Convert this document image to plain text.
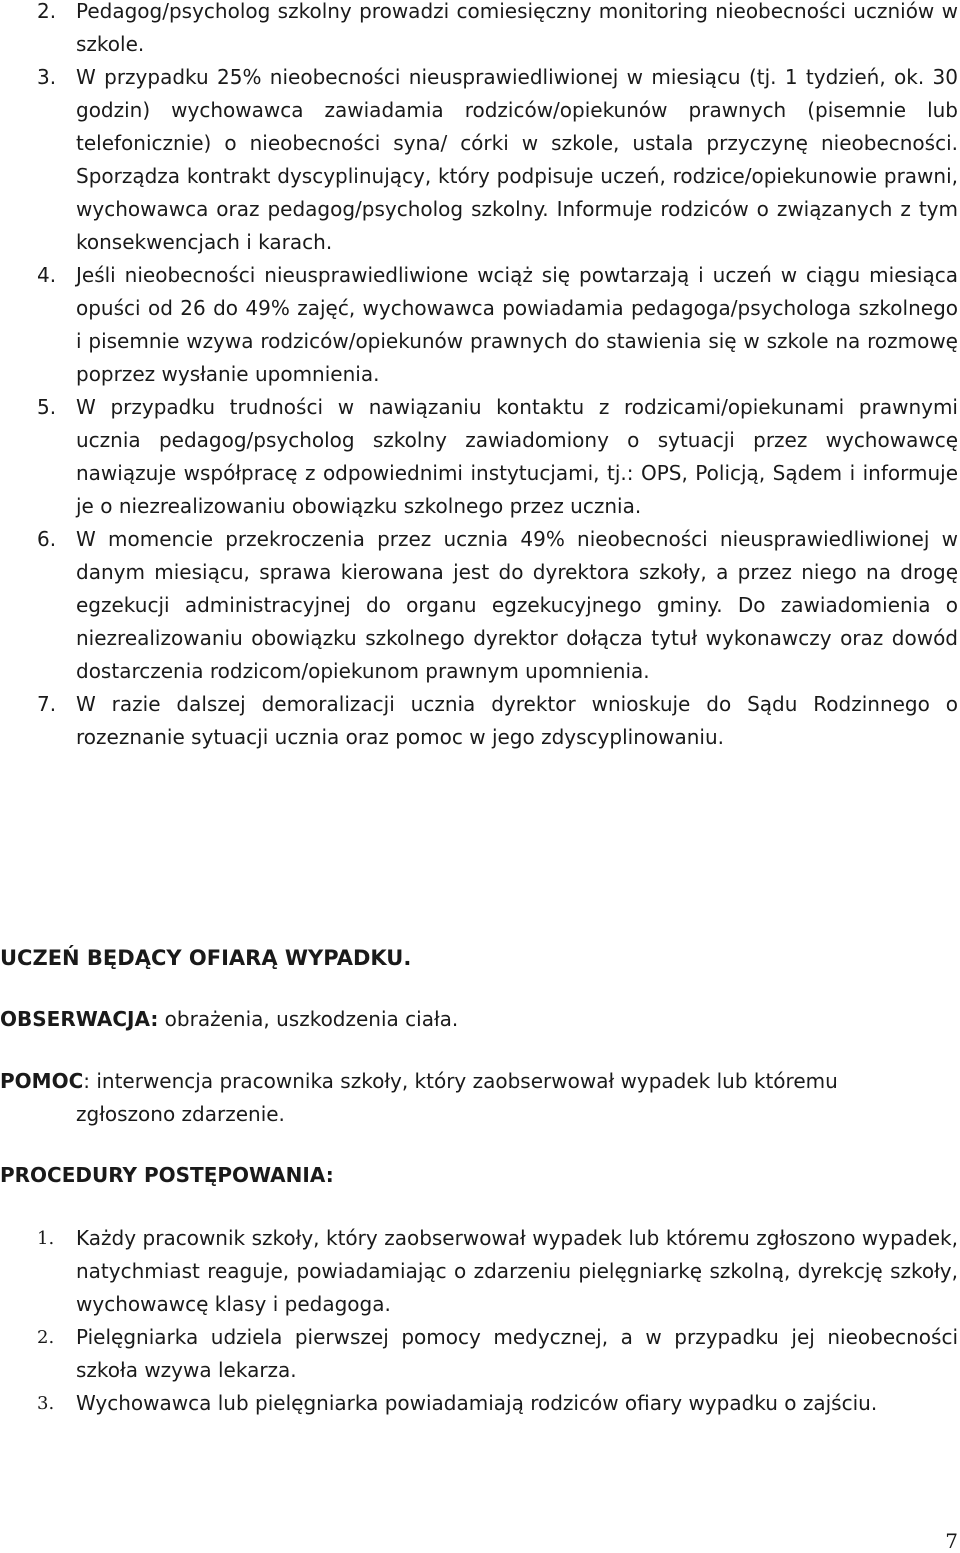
2. Pedagog/psycholog szkolny prowadzi comiesięczny monitoring nieobecności uczniów w szkole.
3. W przypadku 25% nieobecności nieusprawiedliwionej w miesiącu (tj. 1 tydzień, ok. 30 godzin) wychowawca zawiadamia rodziców/opiekunów prawnych (pisemnie lub telefonicznie) o nieobecności syna/ córki w szkole, ustala przyczynę nieobecności. Sporządza kontrakt dyscyplinujący, który podpisuje uczeń, rodzice/opiekunowie prawni, wychowawca oraz pedagog/psycholog szkolny. Informuje rodziców o związanych z tym konsekwencjach i karach.
4. Jeśli nieobecności nieusprawiedliwione wciąż się powtarzają i uczeń w ciągu miesiąca opuści od 26 do 49% zajęć, wychowawca powiadamia pedagoga/psychologa szkolnego i pisemnie wzywa rodziców/opiekunów prawnych do stawienia się w szkole na rozmowę poprzez wysłanie upomnienia.
5. W przypadku trudności w nawiązaniu kontaktu z rodzicami/opiekunami prawnymi ucznia pedagog/psycholog szkolny zawiadomiony o sytuacji przez wychowawcę nawiązuje współpracę z odpowiednimi instytucjami, tj.: OPS, Policją, Sądem i informuje je o niezrealizowaniu obowiązku szkolnego przez ucznia.
6. W momencie przekroczenia przez ucznia 49% nieobecności nieusprawiedliwionej w danym miesiącu, sprawa kierowana jest do dyrektora szkoły, a przez niego na drogę egzekucji administracyjnej do organu egzekucyjnego gminy. Do zawiadomienia o niezrealizowaniu obowiązku szkolnego dyrektor dołącza tytuł wykonawczy oraz dowód dostarczenia rodzicom/opiekunom prawnym upomnienia.
7. W razie dalszej demoralizacji ucznia dyrektor wnioskuje do Sądu Rodzinnego o rozeznanie sytuacji ucznia oraz pomoc w jego zdyscyplinowaniu.
UCZEŃ BĘDĄCY OFIARĄ WYPADKU.
OBSERWACJA: obrażenia, uszkodzenia ciała.
POMOC: interwencja pracownika szkoły, który zaobserwował wypadek lub któremu
zgłoszono zdarzenie.
PROCEDURY POSTĘPOWANIA:
1. Każdy pracownik szkoły, który zaobserwował wypadek lub któremu zgłoszono wypadek, natychmiast reaguje, powiadamiając o zdarzeniu pielęgniarkę szkolną, dyrekcję szkoły, wychowawcę klasy i pedagoga.
2. Pielęgniarka udziela pierwszej pomocy medycznej, a w przypadku jej nieobecności szkoła wzywa lekarza.
3. Wychowawca lub pielęgniarka powiadamiają rodziców ofiary wypadku o zajściu.
7
